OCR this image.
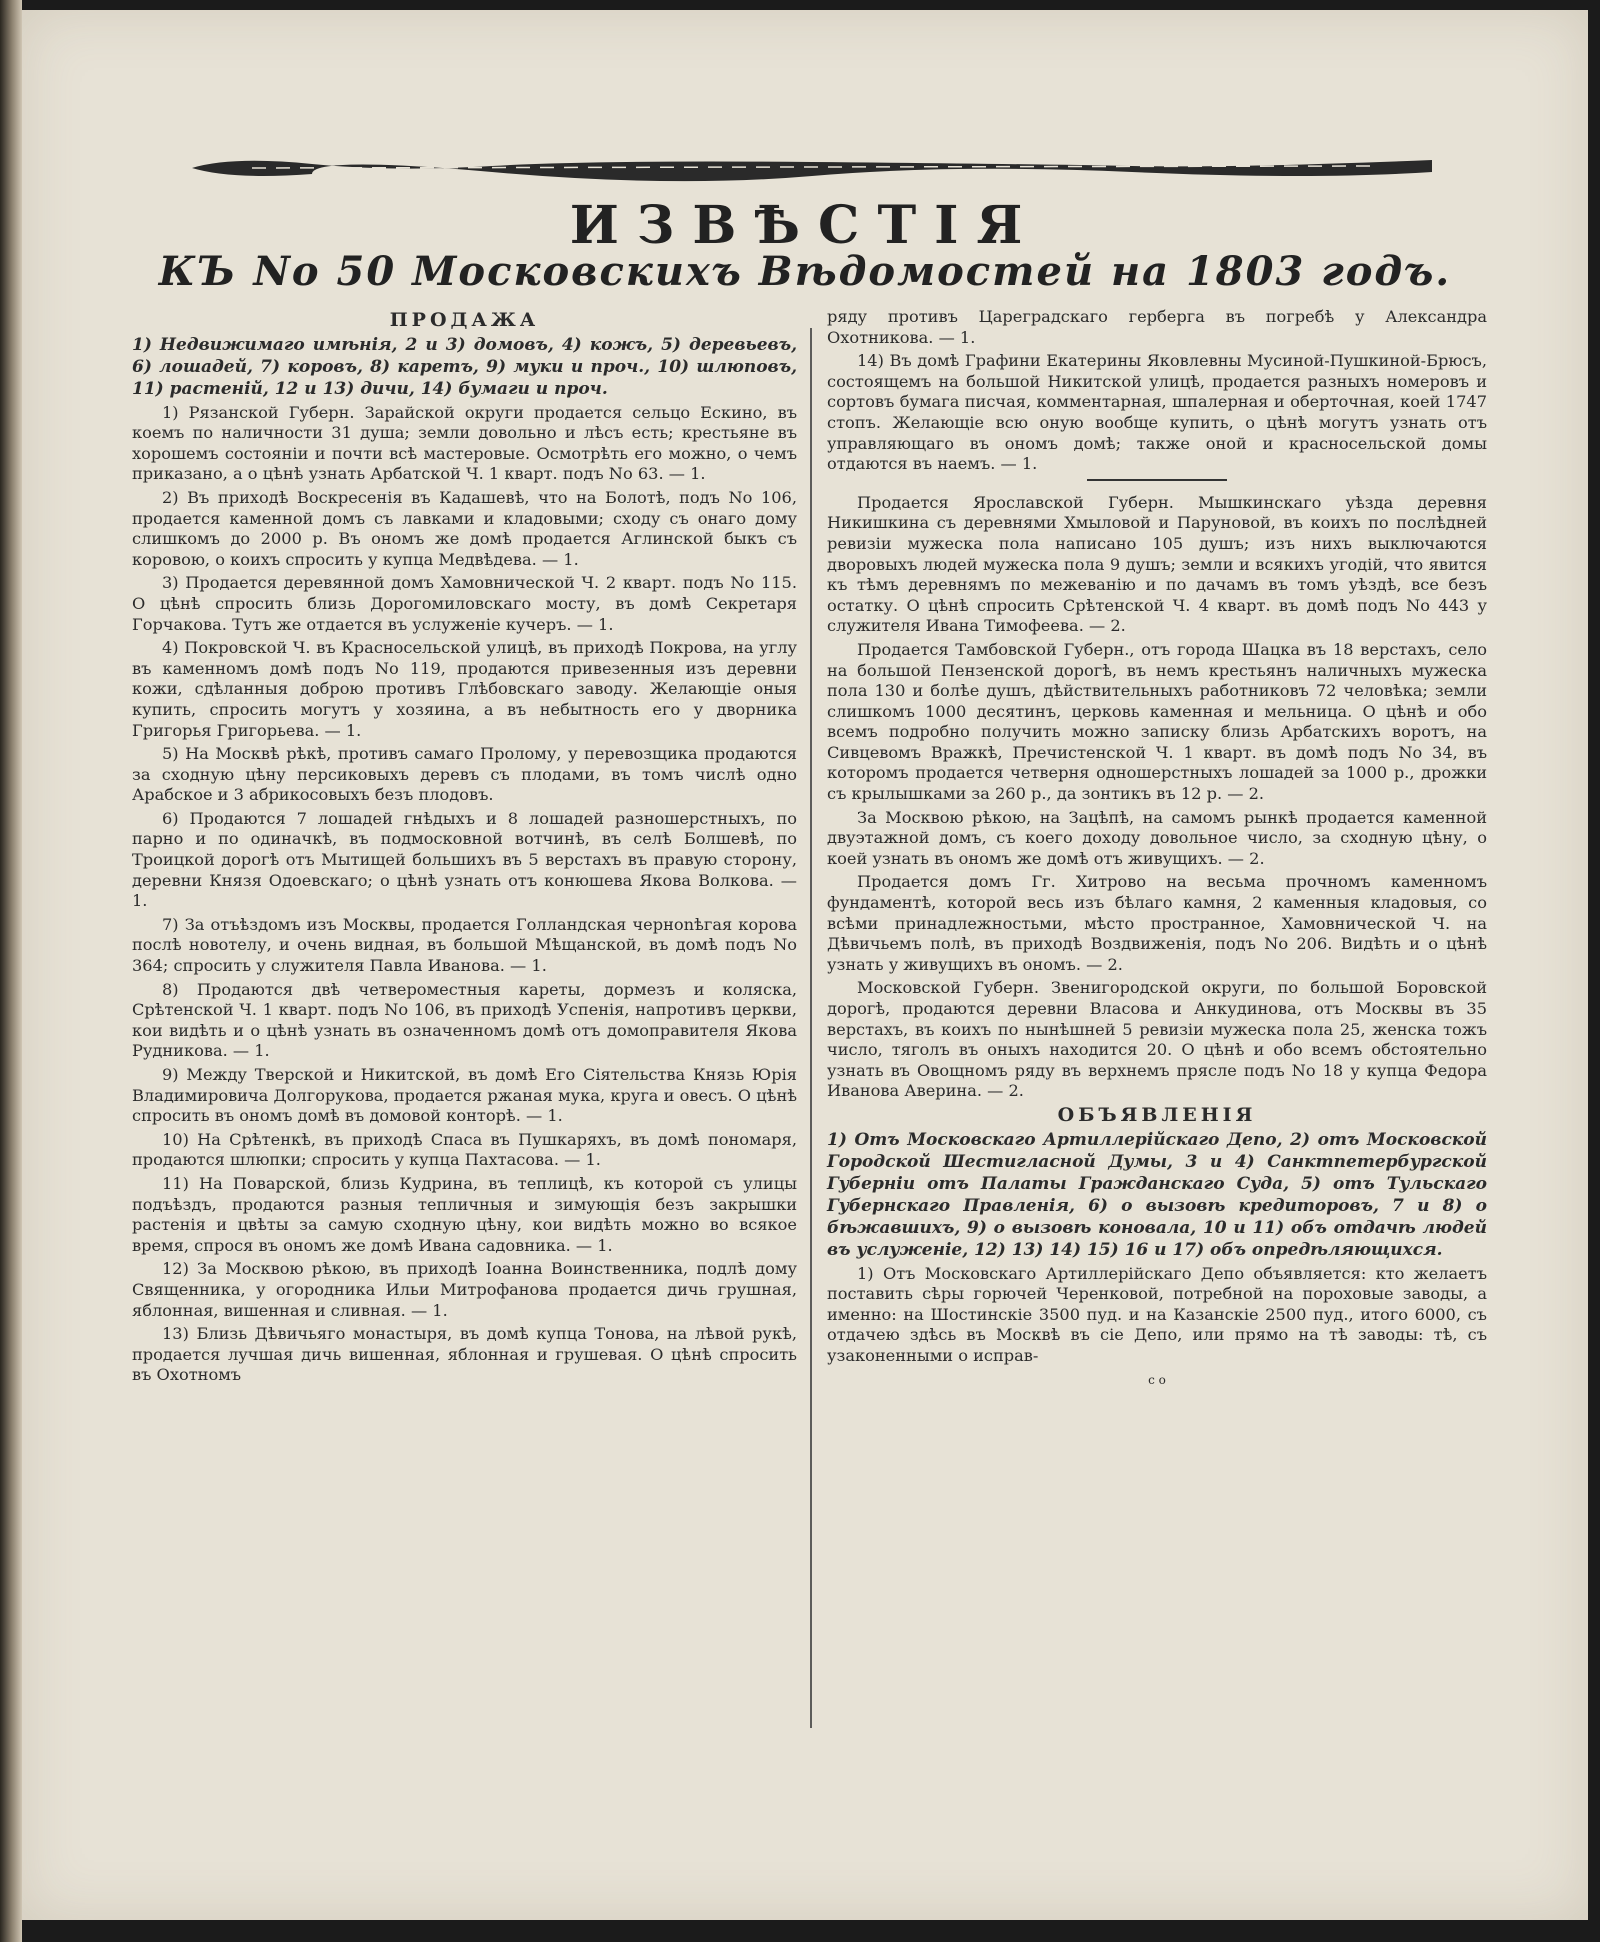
ИЗВѢСТІЯ
КЪ No 50 Московскихъ Вѣдомостей на 1803 годъ.

ПРОДАЖА

1) Недвижимаго имѣнія, 2 и 3) домовъ, 4) кожъ, 5) деревьевъ, 6) лошадей, 7) коровъ, 8) каретъ, 9) муки и проч., 10) шлюповъ, 11) растеній, 12 и 13) дичи, 14) бумаги и проч.

1) Рязанской Губерн. Зарайской округи продается сельцо Ескино, въ коемъ по наличности 31 душа; земли довольно и лѣсъ есть; крестьяне въ хорошемъ состояніи и почти всѣ мастеровые. Осмотрѣть его можно, о чемъ приказано, а о цѣнѣ узнать Арбатской Ч. 1 кварт. подъ No 63. — 1.

2) Въ приходѣ Воскресенія въ Кадашевѣ, что на Болотѣ, подъ No 106, продается каменной домъ съ лавками и кладовыми; сходу съ онаго дому слишкомъ до 2000 р. Въ ономъ же домѣ продается Аглинской быкъ съ коровою, о коихъ спросить у купца Медвѣдева. — 1.

3) Продается деревянной домъ Хамовнической Ч. 2 кварт. подъ No 115. О цѣнѣ спросить близь Дорогомиловскаго мосту, въ домѣ Секретаря Горчакова. Тутъ же отдается въ услуженіе кучеръ. — 1.

4) Покровской Ч. въ Красносельской улицѣ, въ приходѣ Покрова, на углу въ каменномъ домѣ подъ No 119, продаются привезенныя изъ деревни кожи, сдѣланныя доброю противъ Глѣбовскаго заводу. Желающіе оныя купить, спросить могутъ у хозяина, а въ небытность его у дворника Григорья Григорьева. — 1.

5) На Москвѣ рѣкѣ, противъ самаго Пролому, у перевозщика продаются за сходную цѣну персиковыхъ деревъ съ плодами, въ томъ числѣ одно Арабское и 3 абрикосовыхъ безъ плодовъ.

6) Продаются 7 лошадей гнѣдыхъ и 8 лошадей разношерстныхъ, по парно и по одиначкѣ, въ подмосковной вотчинѣ, въ селѣ Болшевѣ, по Троицкой дорогѣ отъ Мытищей большихъ въ 5 верстахъ въ правую сторону, деревни Князя Одоевскаго; о цѣнѣ узнать отъ конюшева Якова Волкова. — 1.

7) За отъѣздомъ изъ Москвы, продается Голландская черноnѣгая корова послѣ новотелу, и очень видная, въ большой Мѣщанской, въ домѣ подъ No 364; спросить у служителя Павла Иванова. — 1.

8) Продаются двѣ четвероместныя кареты, дормезъ и коляска, Срѣтенской Ч. 1 кварт. подъ No 106, въ приходѣ Успенія, напротивъ церкви, кои видѣть и о цѣнѣ узнать въ означенномъ домѣ отъ домоправителя Якова Рудникова. — 1.

9) Между Тверской и Никитской, въ домѣ Его Сіятельства Князь Юрія Владимировича Долгорукова, продается ржаная мука, круга и овесъ. О цѣнѣ спросить въ ономъ домѣ въ домовой конторѣ. — 1.

10) На Срѣтенкѣ, въ приходѣ Спаса въ Пушкаряхъ, въ домѣ пономаря, продаются шлюпки; спросить у купца Пахтасова. — 1.

11) На Поварской, близь Кудрина, въ теплицѣ, къ которой съ улицы подъѣздъ, продаются разныя тепличныя и зимующія безъ закрышки растенія и цвѣты за самую сходную цѣну, кои видѣть можно во всякое время, спрося въ ономъ же домѣ Ивана садовника. — 1.

12) За Москвою рѣкою, въ приходѣ Іоанна Воинственника, подлѣ дому Священника, у огородника Ильи Митрофанова продается дичь грушная, яблонная, вишенная и сливная. — 1.

13) Близь Дѣвичьяго монастыря, въ домѣ купца Тонова, на лѣвой рукѣ, продается лучшая дичь вишенная, яблонная и грушевая. О цѣнѣ спросить въ Охотномъ

ряду противъ Цареградскаго герберга въ погребѣ у Александра Охотникова. — 1.

14) Въ домѣ Графини Екатерины Яковлевны Мусиной-Пушкиной-Брюсъ, состоящемъ на большой Никитской улицѣ, продается разныхъ номеровъ и сортовъ бумага писчая, комментарная, шпалерная и оберточная, коей 1747 стопъ. Желающіе всю оную вообще купить, о цѣнѣ могутъ узнать отъ управляющаго въ ономъ домѣ; также оной и красносельской домы отдаются въ наемъ. — 1.

Продается Ярославской Губерн. Мышкинскаго уѣзда деревня Никишкина съ деревнями Хмыловой и Паруновой, въ коихъ по послѣдней ревизіи мужеска пола написано 105 душъ; изъ нихъ выключаются дворовыхъ людей мужеска пола 9 душъ; земли и всякихъ угодій, что явится къ тѣмъ деревнямъ по межеванію и по дачамъ въ томъ уѣздѣ, все безъ остатку. О цѣнѣ спросить Срѣтенской Ч. 4 кварт. въ домѣ подъ No 443 у служителя Ивана Тимофеева. — 2.

Продается Тамбовской Губерн., отъ города Шацка въ 18 верстахъ, село на большой Пензенской дорогѣ, въ немъ крестьянъ наличныхъ мужеска пола 130 и болѣе душъ, дѣйствительныхъ работниковъ 72 человѣка; земли слишкомъ 1000 десятинъ, церковь каменная и мельница. О цѣнѣ и обо всемъ подробно получить можно записку близь Арбатскихъ воротъ, на Сивцевомъ Вражкѣ, Пречистенской Ч. 1 кварт. въ домѣ подъ No 34, въ которомъ продается четверня одношерстныхъ лошадей за 1000 р., дрожки съ крылышками за 260 р., да зонтикъ въ 12 р. — 2.

За Москвою рѣкою, на Зацѣпѣ, на самомъ рынкѣ продается каменной двуэтажной домъ, съ коего доходу довольное число, за сходную цѣну, о коей узнать въ ономъ же домѣ отъ живущихъ. — 2.

Продается домъ Гг. Хитрово на весьма прочномъ каменномъ фундаментѣ, которой весь изъ бѣлаго камня, 2 каменныя кладовыя, со всѣми принадлежностьми, мѣсто пространное, Хамовнической Ч. на Дѣвичьемъ полѣ, въ приходѣ Воздвиженія, подъ No 206. Видѣть и о цѣнѣ узнать у живущихъ въ ономъ. — 2.

Московской Губерн. Звенигородской округи, по большой Боровской дорогѣ, продаются деревни Власова и Анкудинова, отъ Москвы въ 35 верстахъ, въ коихъ по нынѣшней 5 ревизіи мужеска пола 25, женска тожъ число, тяголъ въ оныхъ находится 20. О цѣнѣ и обо всемъ обстоятельно узнать въ Овощномъ ряду въ верхнемъ прясле подъ No 18 у купца Федора Ивановa Аверина. — 2.

ОБЪЯВЛЕНІЯ

1) Отъ Московскаго Артиллерійскаго Депо, 2) отъ Московской Городской Шестигласной Думы, 3 и 4) Санктпетербургской Губерніи отъ Палаты Гражданскаго Суда, 5) отъ Тульскаго Губернскаго Правленія, 6) о вызовѣ кредиторовъ, 7 и 8) о бѣжавшихъ, 9) о вызовѣ коновала, 10 и 11) объ отдачѣ людей въ услуженіе, 12) 13) 14) 15) 16 и 17) объ опредѣляющихся.

1) Отъ Московскаго Артиллерійскаго Депо объявляется: кто желаетъ поставить сѣры горючей Черенковой, потребной на пороховые заводы, а именно: на Шостинскіе 3500 пуд. и на Казанскіе 2500 пуд., итого 6000, съ отдачею здѣсь въ Москвѣ въ сіе Депо, или прямо на тѣ заводы: тѣ, съ узаконенными о исправ-

с о
